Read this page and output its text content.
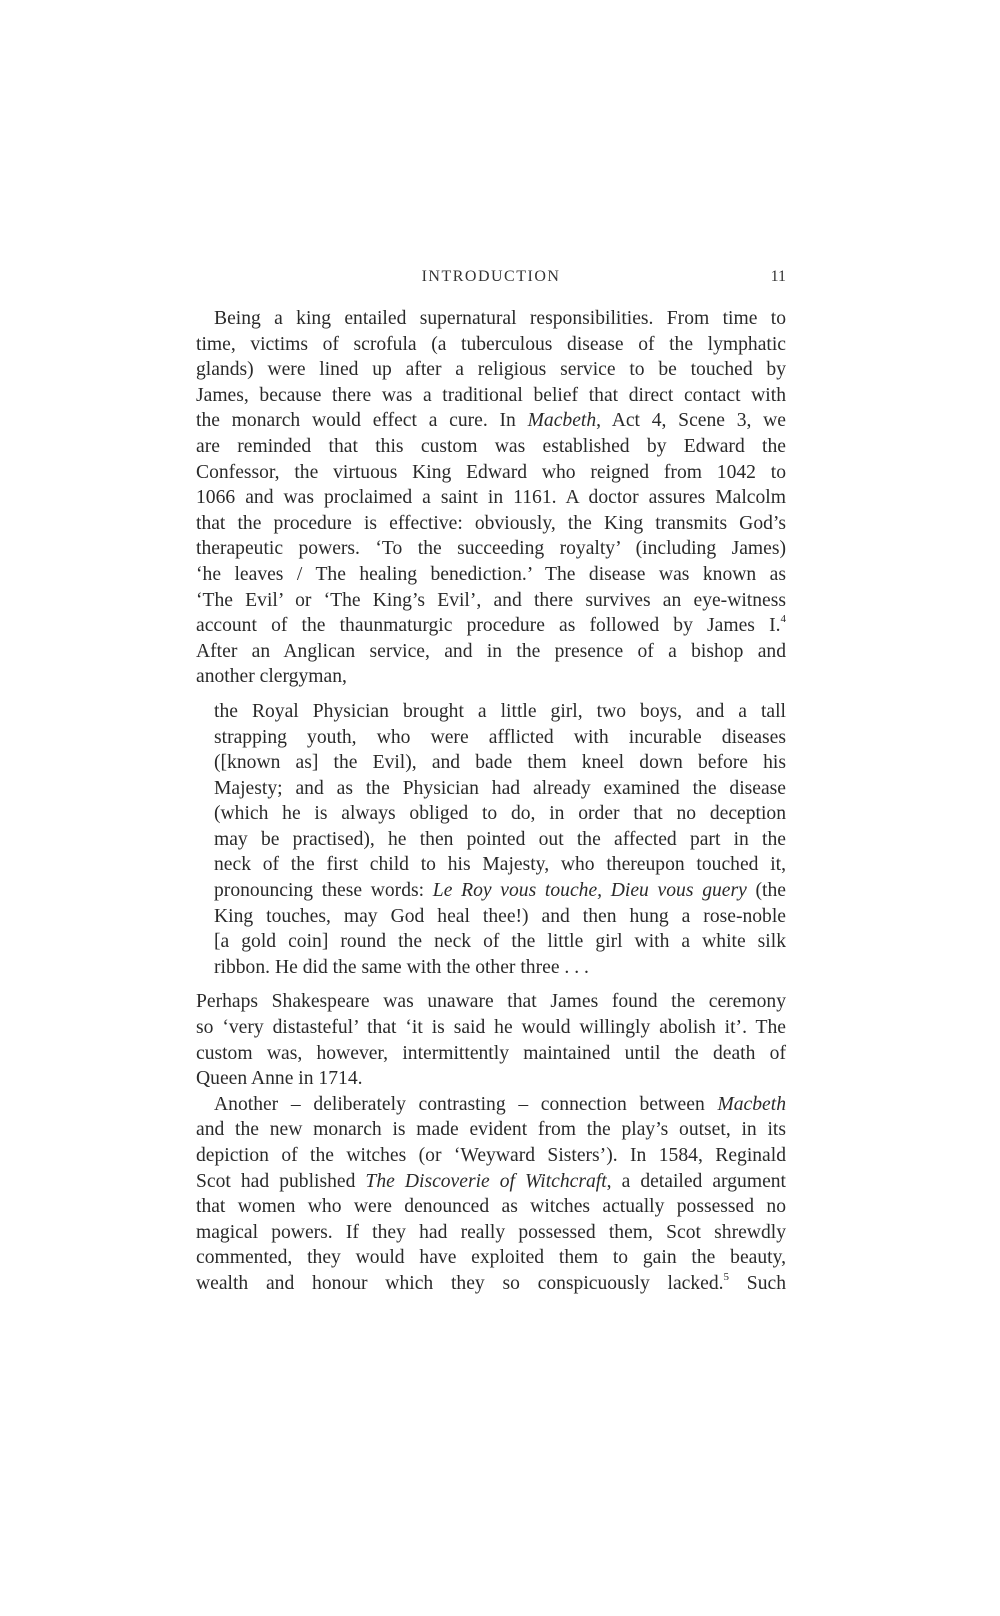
INTRODUCTION	11
Being a king entailed supernatural responsibilities. From time to
time, victims of scrofula (a tuberculous disease of the lymphatic
glands) were lined up after a religious service to be touched by
James, because there was a traditional belief that direct contact with
the monarch would effect a cure. In Macbeth, Act 4, Scene 3, we
are reminded that this custom was established by Edward the
Confessor, the virtuous King Edward who reigned from 1042 to
1066 and was proclaimed a saint in 1161. A doctor assures Malcolm
that the procedure is effective: obviously, the King transmits God’s
therapeutic powers. ‘To the succeeding royalty’ (including James)
‘he leaves / The healing benediction.’ The disease was known as
‘The Evil’ or ‘The King’s Evil’, and there survives an eye-witness
account of the thaunmaturgic procedure as followed by James I.$^4$
After an Anglican service, and in the presence of a bishop and
another clergyman,
the Royal Physician brought a little girl, two boys, and a tall
strapping youth, who were afflicted with incurable diseases
([known as] the Evil), and bade them kneel down before his
Majesty; and as the Physician had already examined the disease
(which he is always obliged to do, in order that no deception
may be practised), he then pointed out the affected part in the
neck of the first child to his Majesty, who thereupon touched it,
pronouncing these words: Le Roy vous touche, Dieu vous guery (the
King touches, may God heal thee!) and then hung a rose-noble
[a gold coin] round the neck of the little girl with a white silk
ribbon. He did the same with the other three . . .
Perhaps Shakespeare was unaware that James found the ceremony
so ‘very distasteful’ that ‘it is said he would willingly abolish it’. The
custom was, however, intermittently maintained until the death of
Queen Anne in 1714.
Another – deliberately contrasting – connection between Macbeth
and the new monarch is made evident from the play’s outset, in its
depiction of the witches (or ‘Weyward Sisters’). In 1584, Reginald
Scot had published The Discoverie of Witchcraft, a detailed argument
that women who were denounced as witches actually possessed no
magical powers. If they had really possessed them, Scot shrewdly
commented, they would have exploited them to gain the beauty,
wealth and honour which they so conspicuously lacked.$^5$ Such
